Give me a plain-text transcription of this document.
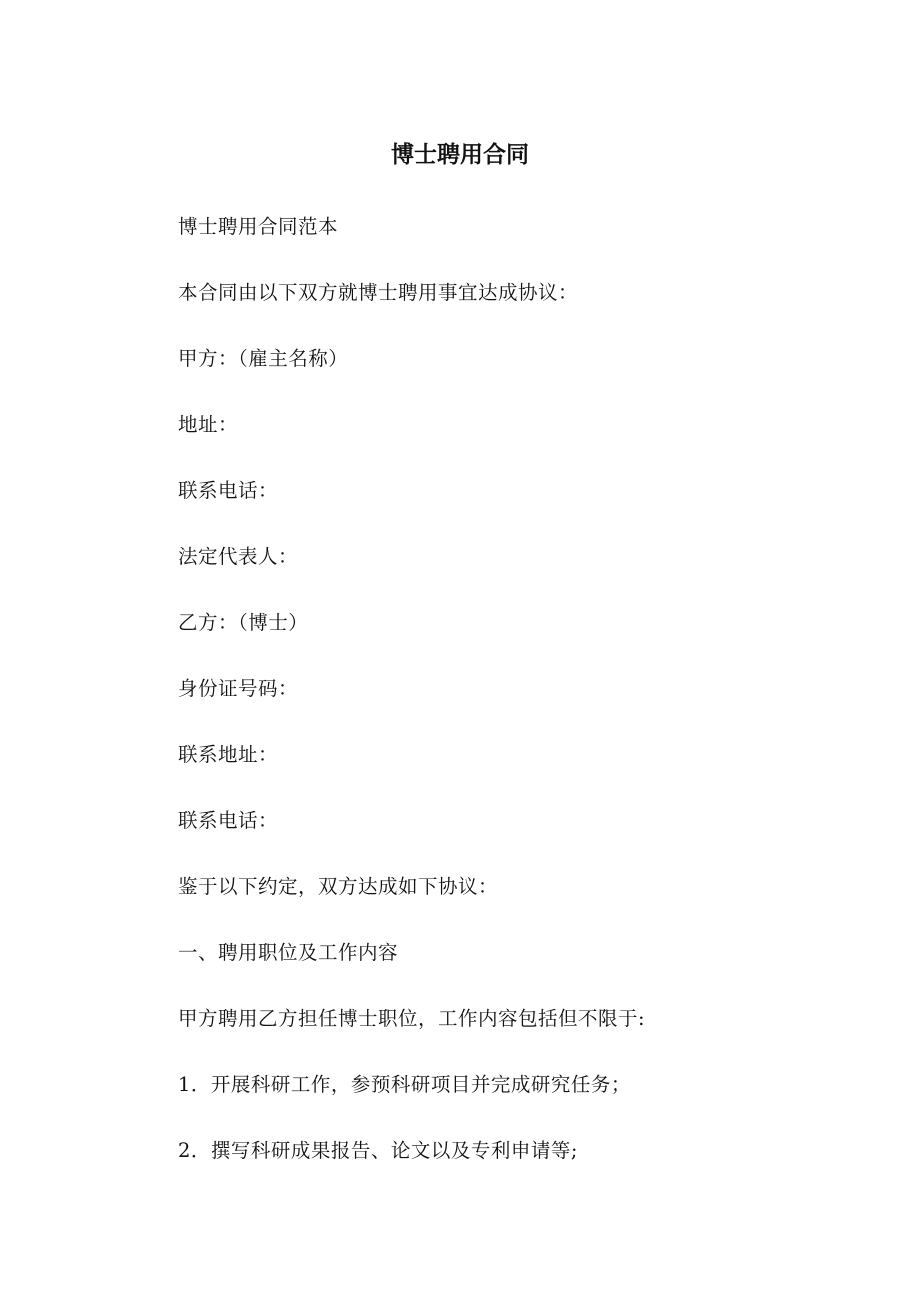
博士聘用合同
博士聘用合同范本
本合同由以下双方就博士聘用事宜达成协议：
甲方：（雇主名称）
地址：
联系电话：
法定代表人：
乙方：（博士）
身份证号码：
联系地址：
联系电话：
鉴于以下约定，双方达成如下协议：
一、聘用职位及工作内容
甲方聘用乙方担任博士职位，工作内容包括但不限于:
1．开展科研工作，参预科研项目并完成研究任务；
2．撰写科研成果报告、论文以及专利申请等;
